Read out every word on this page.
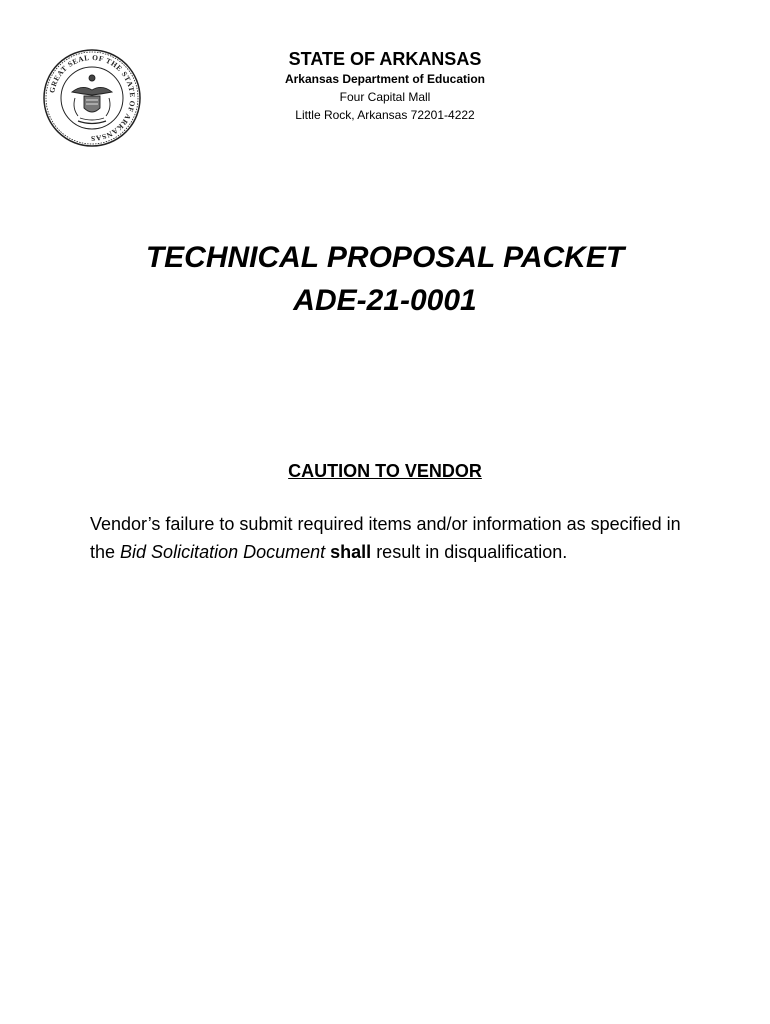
GREAT SEAL OF THE STATE OF ARKANSAS
STATE OF ARKANSAS
Arkansas Department of Education
Four Capital Mall
Little Rock, Arkansas 72201-4222
TECHNICAL PROPOSAL PACKET
ADE-21-0001
CAUTION TO VENDOR
Vendor’s failure to submit required items and/or information as specified in the Bid Solicitation Document shall result in disqualification.
